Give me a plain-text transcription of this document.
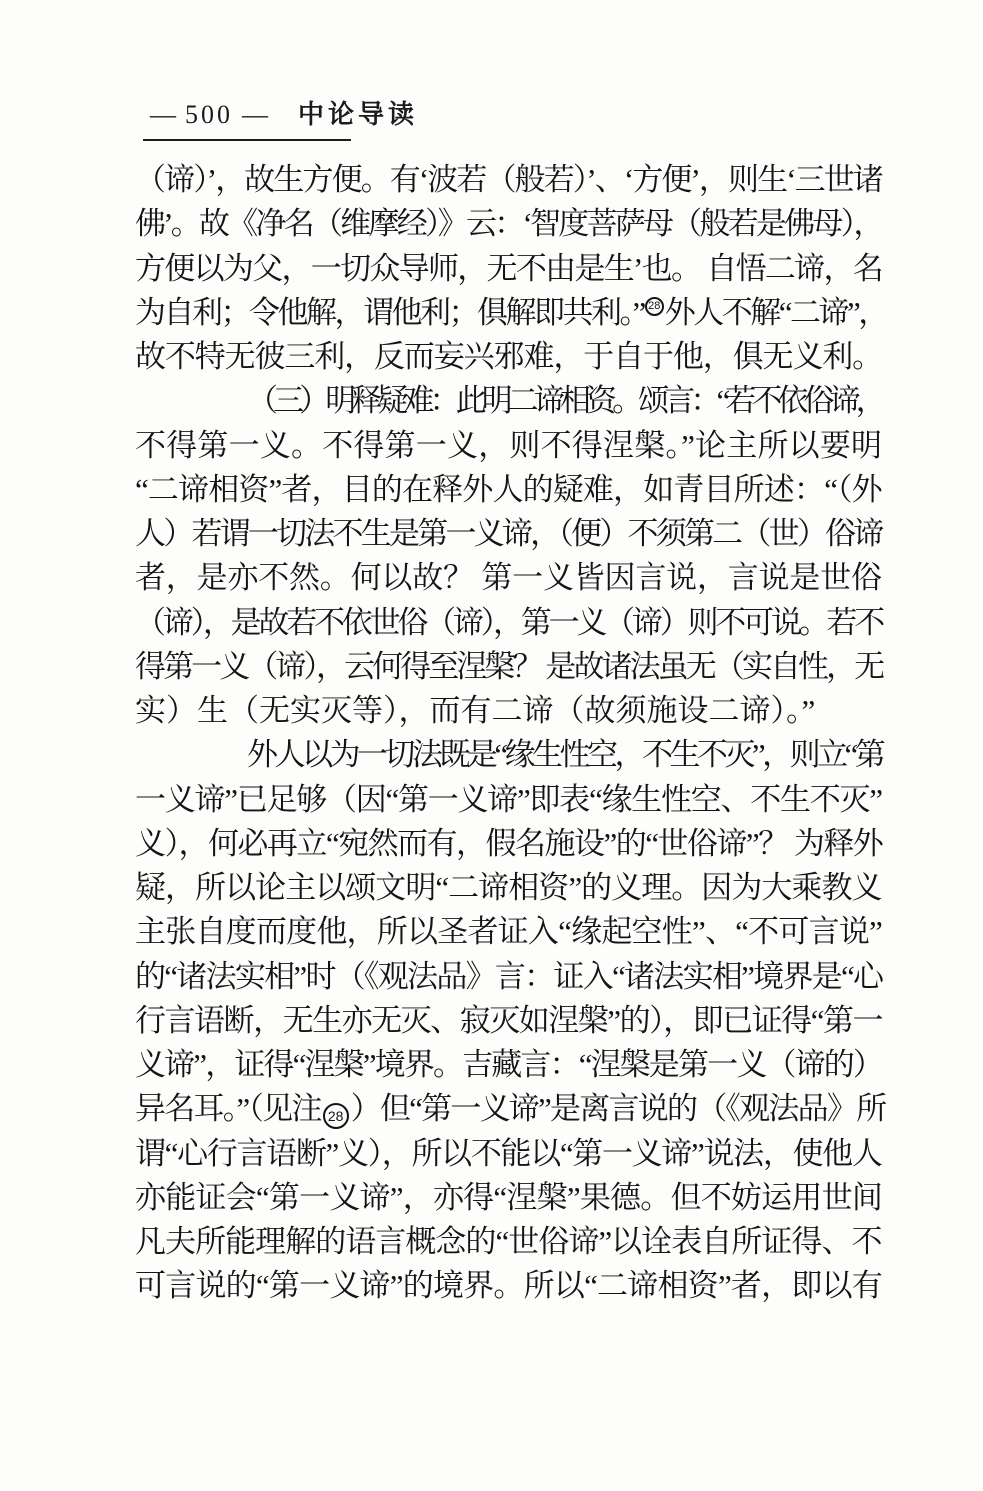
— 500 — 中论导读
（谛）’，故生方便。有‘波若（般若）’、‘方便’，则生‘三世诸
佛’。故《净名（维摩经）》云：‘智度菩萨母（般若是佛母），
方便以为父，一切众导师，无不由是生’也。 自悟二谛，名
为自利；令他解，谓他利；俱解即共利。” 28 外人不解“二谛”，
故不特无彼三利，反而妄兴邪难，于自于他，俱无义利。
（三）明释疑难：此明二谛相资。颂言：“若不依俗谛，
不得第一义。不得第一义，则不得涅槃。”论主所以要明
“二谛相资”者，目的在释外人的疑难，如青目所述：“（外
人）若谓一切法不生是第一义谛，（便）不须第二（世）俗谛
者，是亦不然。何以故？ 第一义皆因言说，言说是世俗
（谛），是故若不依世俗（谛），第一义（谛）则不可说。若不
得第一义（谛），云何得至涅槃？ 是故诸法虽无（实自性，无
实）生（无实灭等），而有二谛（故须施设二谛）。”
外人以为一切法既是“缘生性空，不生不灭”，则立“第
一义谛”已足够（因“第一义谛”即表“缘生性空、不生不灭”
义），何必再立“宛然而有，假名施设”的“世俗谛”？ 为释外
疑，所以论主以颂文明“二谛相资”的义理。因为大乘教义
主张自度而度他，所以圣者证入“缘起空性”、“不可言说”
的“诸法实相”时（《观法品》言：证入“诸法实相”境界是“心
行言语断，无生亦无灭、寂灭如涅槃”的），即已证得“第一
义谛”，证得“涅槃”境界。吉藏言：“涅槃是第一义（谛的）
异名耳。”（见注 28 ）但“第一义谛”是离言说的（《观法品》所
谓“心行言语断”义），所以不能以“第一义谛”说法，使他人
亦能证会“第一义谛”，亦得“涅槃”果德。但不妨运用世间
凡夫所能理解的语言概念的“世俗谛”以诠表自所证得、不
可言说的“第一义谛”的境界。所以“二谛相资”者，即以有
